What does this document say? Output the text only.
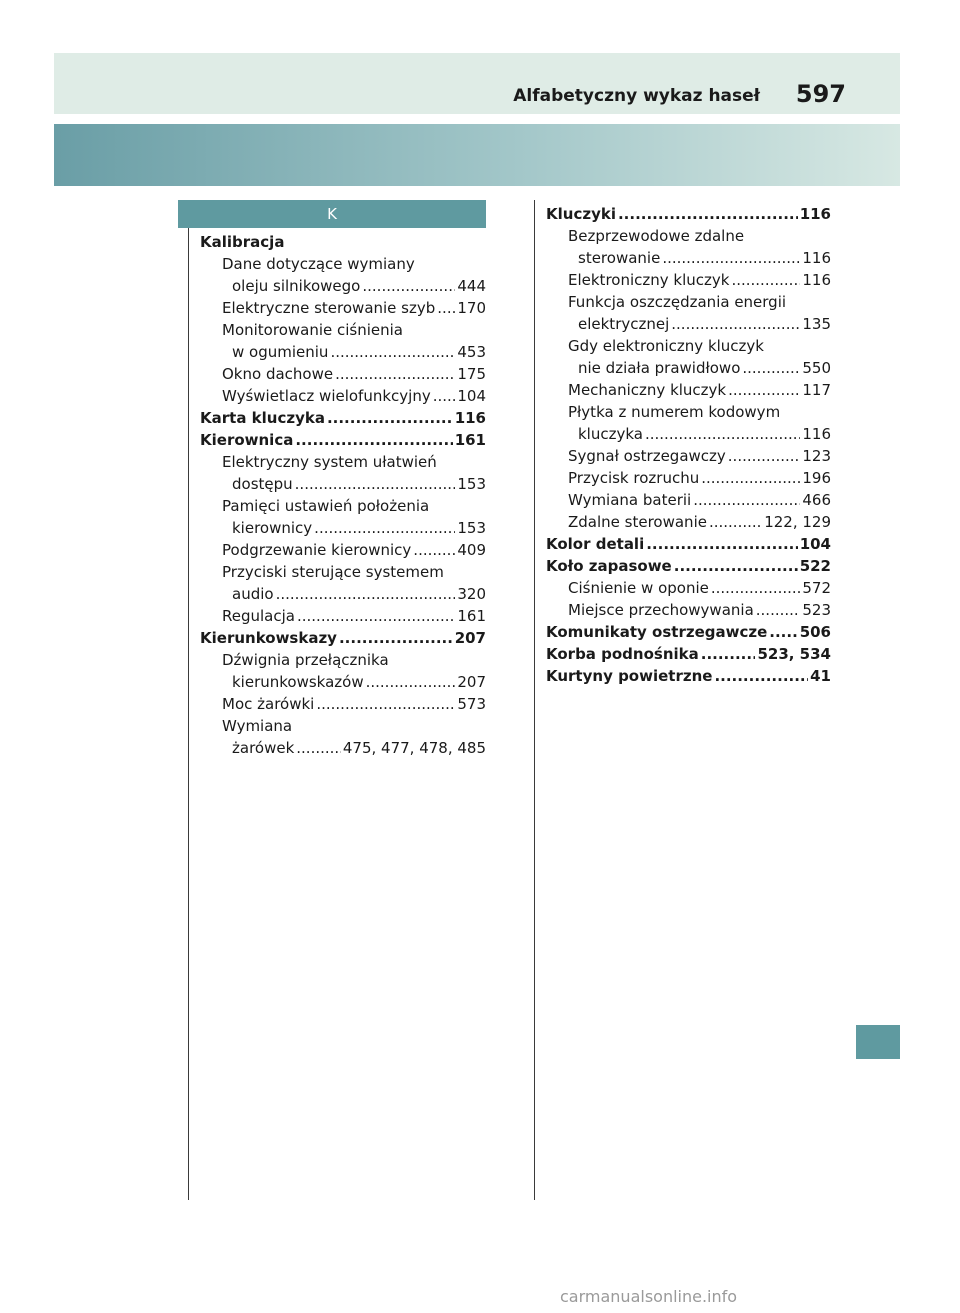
Alfabetyczny wykaz haseł 597
K
Kalibracja
Dane dotyczące wymiany
oleju silnikowego .....	444
Elektryczne sterowanie szyb ..... 170
Monitorowanie ciśnienia
w ogumieniu .....	453
Okno dachowe .....	175
Wyświetlacz wielofunkcyjny ..... 104
Karta kluczyka .....	116
Kierownica .....	161
Elektryczny system ułatwień
dostępu .....	153
Pamięci ustawień położenia
kierownicy .....	153
Podgrzewanie kierownicy .....	409
Przyciski sterujące systemem
audio .....	320
Regulacja .....	161
Kierunkowskazy .....	207
Dźwignia przełącznika
kierunkowskazów .....	207
Moc żarówki .....	573
Wymiana
żarówek .....	475, 477, 478, 485
Kluczyki .....	116
Bezprzewodowe zdalne
sterowanie .....	116
Elektroniczny kluczyk .....	116
Funkcja oszczędzania energii
elektrycznej .....	135
Gdy elektroniczny kluczyk
nie działa prawidłowo .....	550
Mechaniczny kluczyk .....	117
Płytka z numerem kodowym
kluczyka .....	116
Sygnał ostrzegawczy .....	123
Przycisk rozruchu .....	196
Wymiana baterii .....	466
Zdalne sterowanie .....	122, 129
Kolor detali .....	104
Koło zapasowe .....	522
Ciśnienie w oponie .....	572
Miejsce przechowywania .....	523
Komunikaty ostrzegawcze ..... 506
Korba podnośnika .....	523, 534
Kurtyny powietrzne .....	41
carmanualsonline.info
